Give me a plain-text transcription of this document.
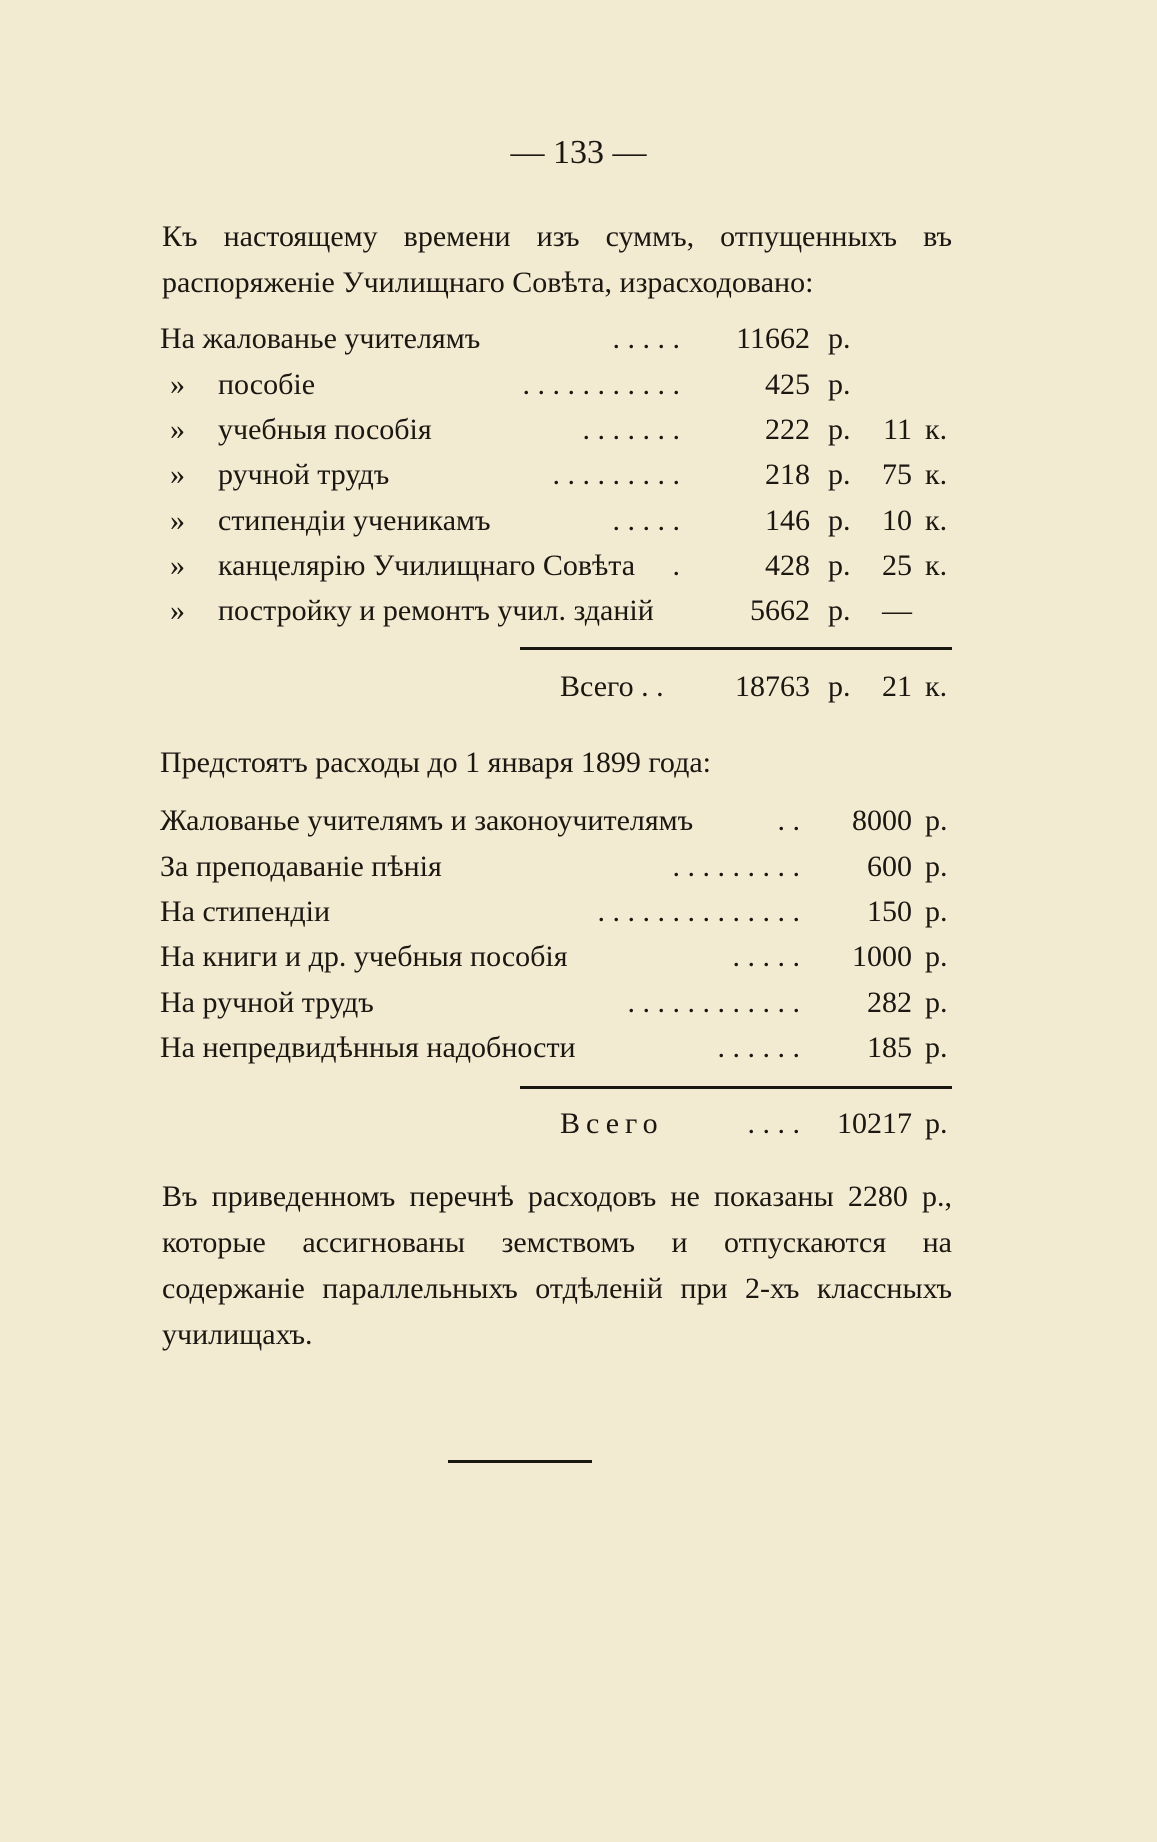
— 133 —
Къ настоящему времени изъ суммъ, отпущенныхъ въ распоряженіе Училищнаго Совѣта, израсходовано:
На жалованье учителямъ	. . . . .	11662 р.
» пособіе	. . . . . . . . . . .	425 р.
» учебныя пособія	. . . . . . .	222 р.	11 к.
» ручной трудъ	. . . . . . . . .	218 р.	75 к.
» стипендіи ученикамъ	. . . . .	146 р.	10 к.
» канцелярію Училищнаго Совѣта	.	428 р.	25 к.
» постройку и ремонтъ учил. зданій	5662 р.	—
Всего . .	18763 р.	21 к.
Предстоятъ расходы до 1 января 1899 года:
Жалованье учителямъ и законоучителямъ	. .	8000 р.
За преподаваніе пѣнія	. . . . . . . . .	600 р.
На стипендіи	. . . . . . . . . . . . . .	150 р.
На книги и др. учебныя пособія	. . . . .	1000 р.
На ручной трудъ	. . . . . . . . . . . .	282 р.
На непредвидѣнныя надобности	. . . . . .	185 р.
Всего	. . . .	10217 р.
Въ приведенномъ перечнѣ расходовъ не показаны 2280 р., которые ассигнованы земствомъ и отпускаются на содержаніе параллельныхъ отдѣленій при 2-хъ классныхъ училищахъ.
